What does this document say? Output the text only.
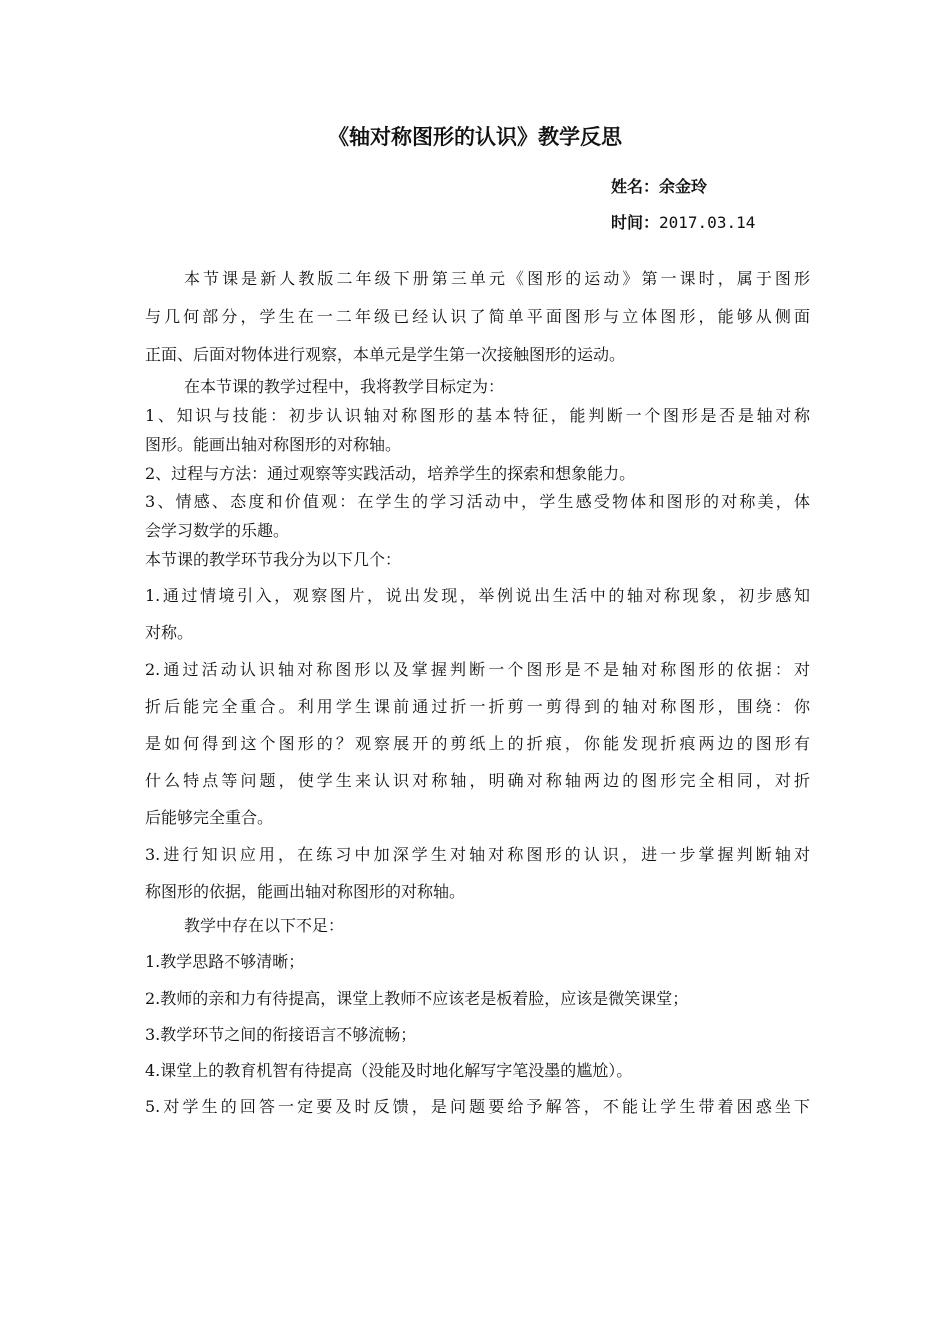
《轴对称图形的认识》教学反思
姓名：余金玲
时间：2017.03.14
本节课是新人教版二年级下册第三单元《图形的运动》第一课时，属于图形
与几何部分，学生在一二年级已经认识了简单平面图形与立体图形，能够从侧面
正面、后面对物体进行观察，本单元是学生第一次接触图形的运动。
在本节课的教学过程中，我将教学目标定为：
1、知识与技能：初步认识轴对称图形的基本特征，能判断一个图形是否是轴对称
图形。能画出轴对称图形的对称轴。
2、过程与方法：通过观察等实践活动，培养学生的探索和想象能力。
3、情感、态度和价值观：在学生的学习活动中，学生感受物体和图形的对称美，体
会学习数学的乐趣。
本节课的教学环节我分为以下几个：
1.通过情境引入，观察图片，说出发现，举例说出生活中的轴对称现象，初步感知
对称。
2.通过活动认识轴对称图形以及掌握判断一个图形是不是轴对称图形的依据：对
折后能完全重合。利用学生课前通过折一折剪一剪得到的轴对称图形，围绕：你
是如何得到这个图形的？观察展开的剪纸上的折痕，你能发现折痕两边的图形有
什么特点等问题，使学生来认识对称轴，明确对称轴两边的图形完全相同，对折
后能够完全重合。
3.进行知识应用，在练习中加深学生对轴对称图形的认识，进一步掌握判断轴对
称图形的依据，能画出轴对称图形的对称轴。
教学中存在以下不足：
1.教学思路不够清晰；
2.教师的亲和力有待提高，课堂上教师不应该老是板着脸，应该是微笑课堂；
3.教学环节之间的衔接语言不够流畅；
4.课堂上的教育机智有待提高（没能及时地化解写字笔没墨的尴尬）。
5.对学生的回答一定要及时反馈，是问题要给予解答，不能让学生带着困惑坐下
